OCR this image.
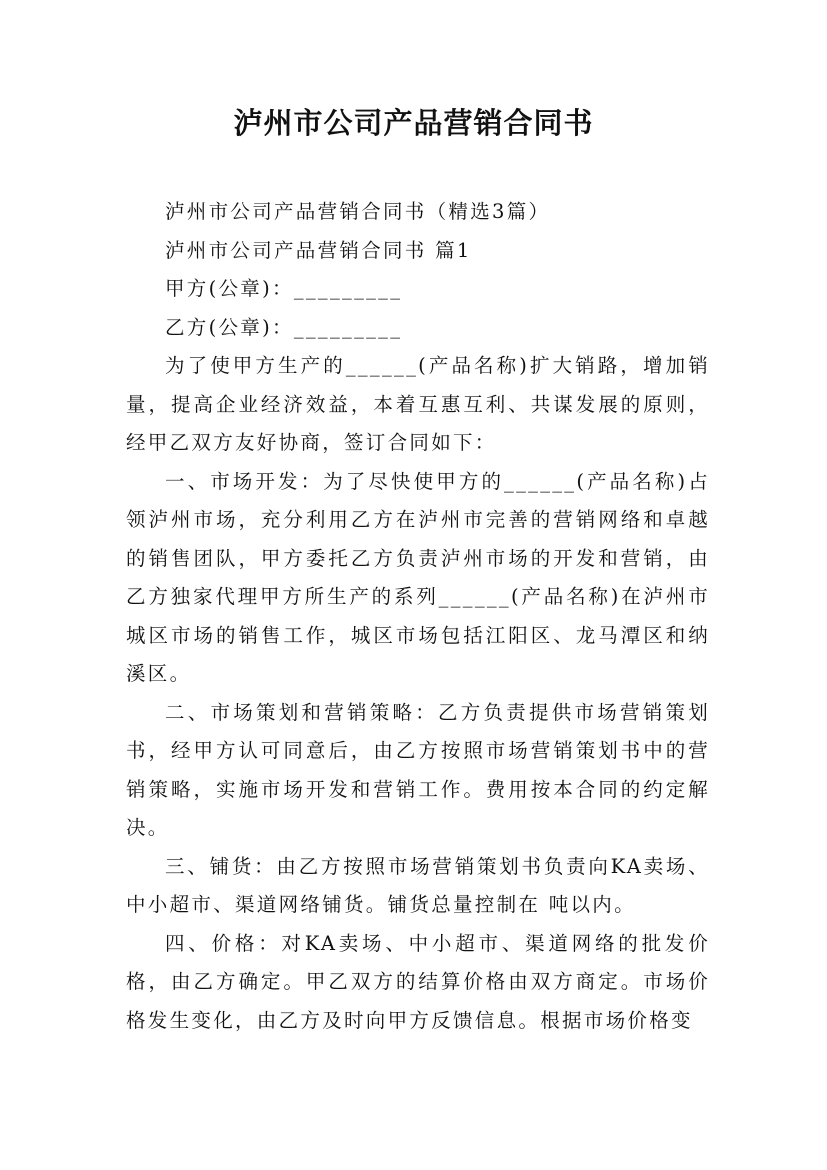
泸州市公司产品营销合同书

泸州市公司产品营销合同书（精选3篇）

泸州市公司产品营销合同书 篇1

甲方(公章)：_________

乙方(公章)：_________

为了使甲方生产的______(产品名称)扩大销路，增加销量，提高企业经济效益，本着互惠互利、共谋发展的原则，经甲乙双方友好协商，签订合同如下：

一、市场开发：为了尽快使甲方的______(产品名称)占领泸州市场，充分利用乙方在泸州市完善的营销网络和卓越的销售团队，甲方委托乙方负责泸州市场的开发和营销，由乙方独家代理甲方所生产的系列______(产品名称)在泸州市城区市场的销售工作，城区市场包括江阳区、龙马潭区和纳溪区。

二、市场策划和营销策略：乙方负责提供市场营销策划书，经甲方认可同意后，由乙方按照市场营销策划书中的营销策略，实施市场开发和营销工作。费用按本合同的约定解决。

三、铺货：由乙方按照市场营销策划书负责向KA卖场、中小超市、渠道网络铺货。铺货总量控制在 吨以内。

四、价格：对KA卖场、中小超市、渠道网络的批发价格，由乙方确定。甲乙双方的结算价格由双方商定。市场价格发生变化，由乙方及时向甲方反馈信息。根据市场价格变
